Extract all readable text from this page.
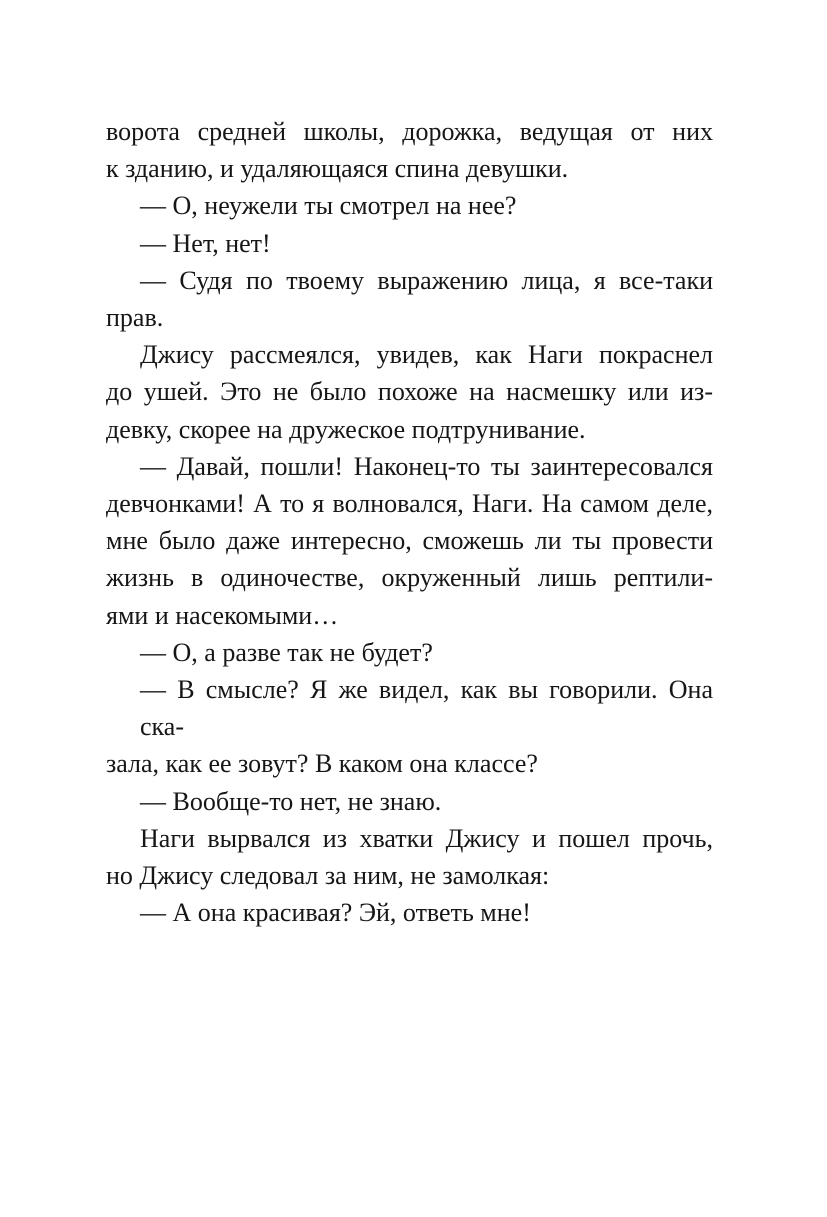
ворота средней школы, дорожка, ведущая от них
к зданию, и удаляющаяся спина девушки.
— О, неужели ты смотрел на нее?
— Нет, нет!
— Судя по твоему выражению лица, я все-таки
прав.
Джису рассмеялся, увидев, как Наги покраснел
до ушей. Это не было похоже на насмешку или из-
девку, скорее на дружеское подтрунивание.
— Давай, пошли! Наконец-то ты заинтересовался
девчонками! А то я волновался, Наги. На самом деле,
мне было даже интересно, сможешь ли ты провести
жизнь в одиночестве, окруженный лишь рептили-
ями и насекомыми…
— О, а разве так не будет?
— В смысле? Я же видел, как вы говорили. Она ска-
зала, как ее зовут? В каком она классе?
— Вообще-то нет, не знаю.
Наги вырвался из хватки Джису и пошел прочь,
но Джису следовал за ним, не замолкая:
— А она красивая? Эй, ответь мне!
